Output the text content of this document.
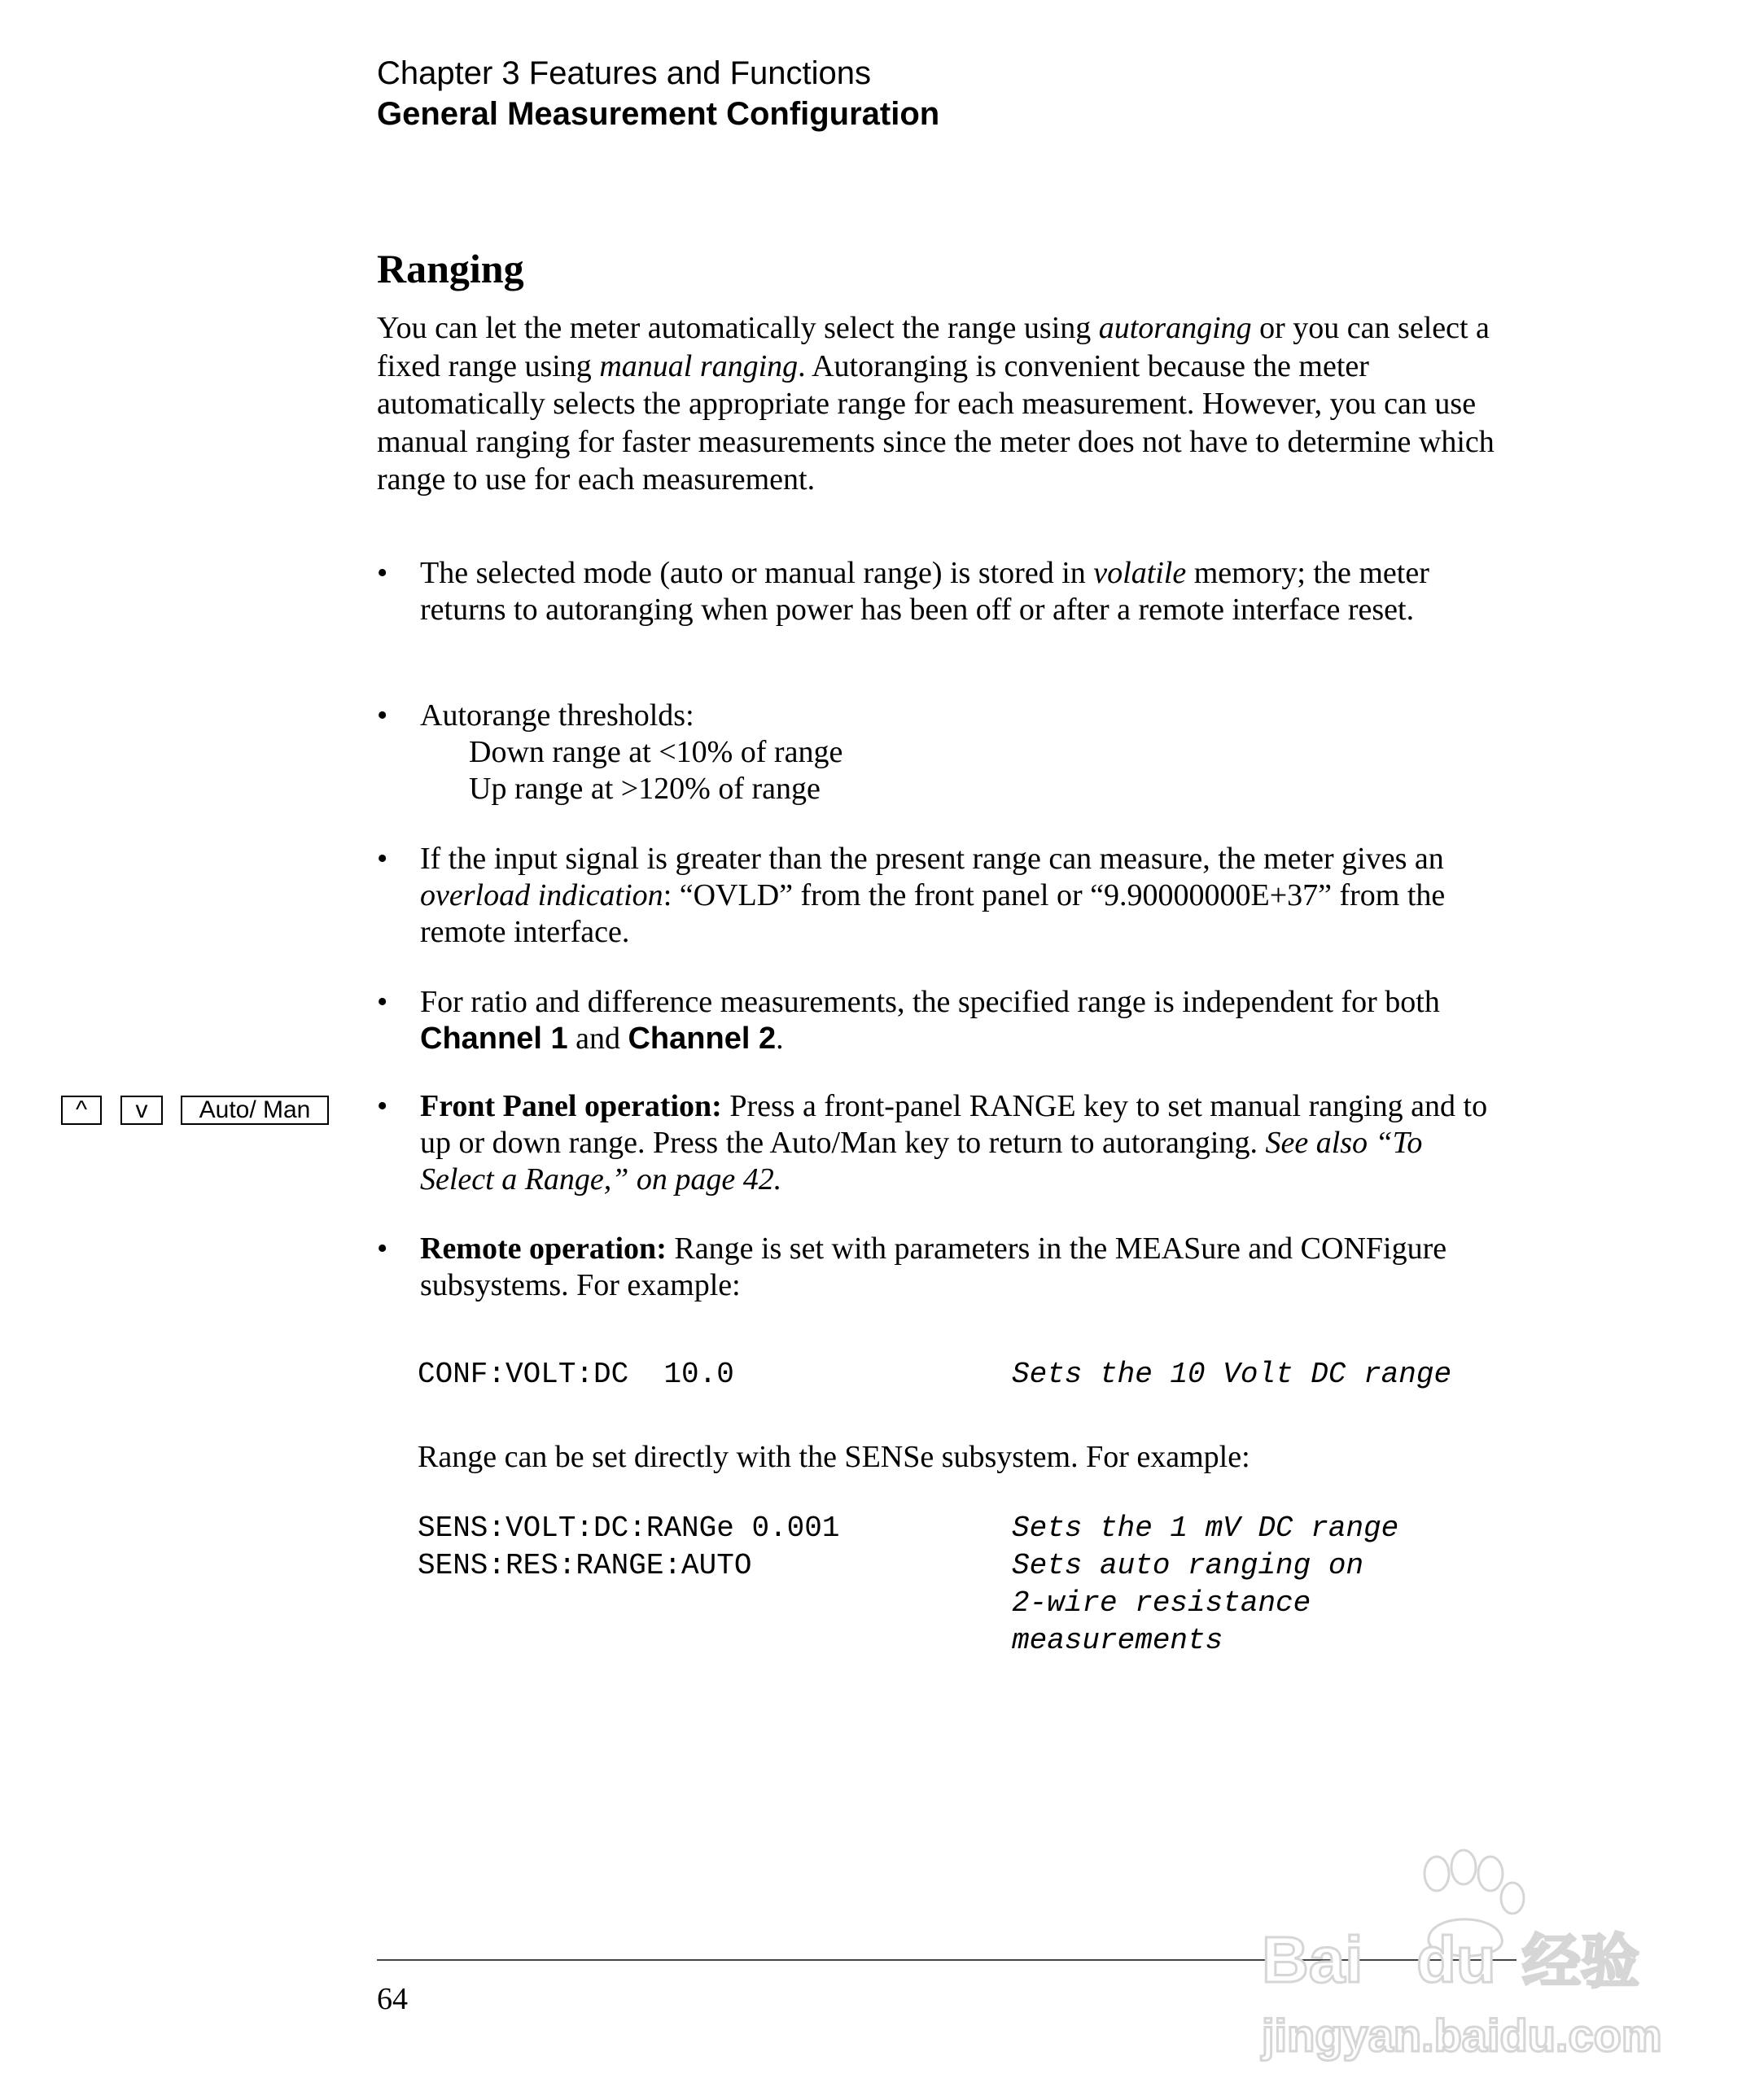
Chapter 3 Features and Functions
General Measurement Configuration
Ranging
You can let the meter automatically select the range using autoranging or you can select a fixed range using manual ranging. Autoranging is convenient because the meter automatically selects the appropriate range for each measurement. However, you can use manual ranging for faster measurements since the meter does not have to determine which range to use for each measurement.
• The selected mode (auto or manual range) is stored in volatile memory; the meter returns to autoranging when power has been off or after a remote interface reset.
• Autorange thresholds:
Down range at <10% of range
Up range at >120% of range
• If the input signal is greater than the present range can measure, the meter gives an overload indication: “OVLD” from the front panel or “9.90000000E+37” from the remote interface.
• For ratio and difference measurements, the specified range is independent for both Channel 1 and Channel 2.
^	v	Auto/ Man	• Front Panel operation: Press a front-panel RANGE key to set manual ranging and to up or down range. Press the Auto/Man key to return to autoranging. See also “To Select a Range,” on page 42.
• Remote operation: Range is set with parameters in the MEASure and CONFigure subsystems. For example:
CONF:VOLT:DC  10.0	Sets the 10 Volt DC range
Range can be set directly with the SENSe subsystem. For example:
SENS:VOLT:DC:RANGe 0.001	Sets the 1 mV DC range
SENS:RES:RANGE:AUTO	Sets auto ranging on
2-wire resistance
measurements
64
Bai du 经验
jingyan.baidu.com
